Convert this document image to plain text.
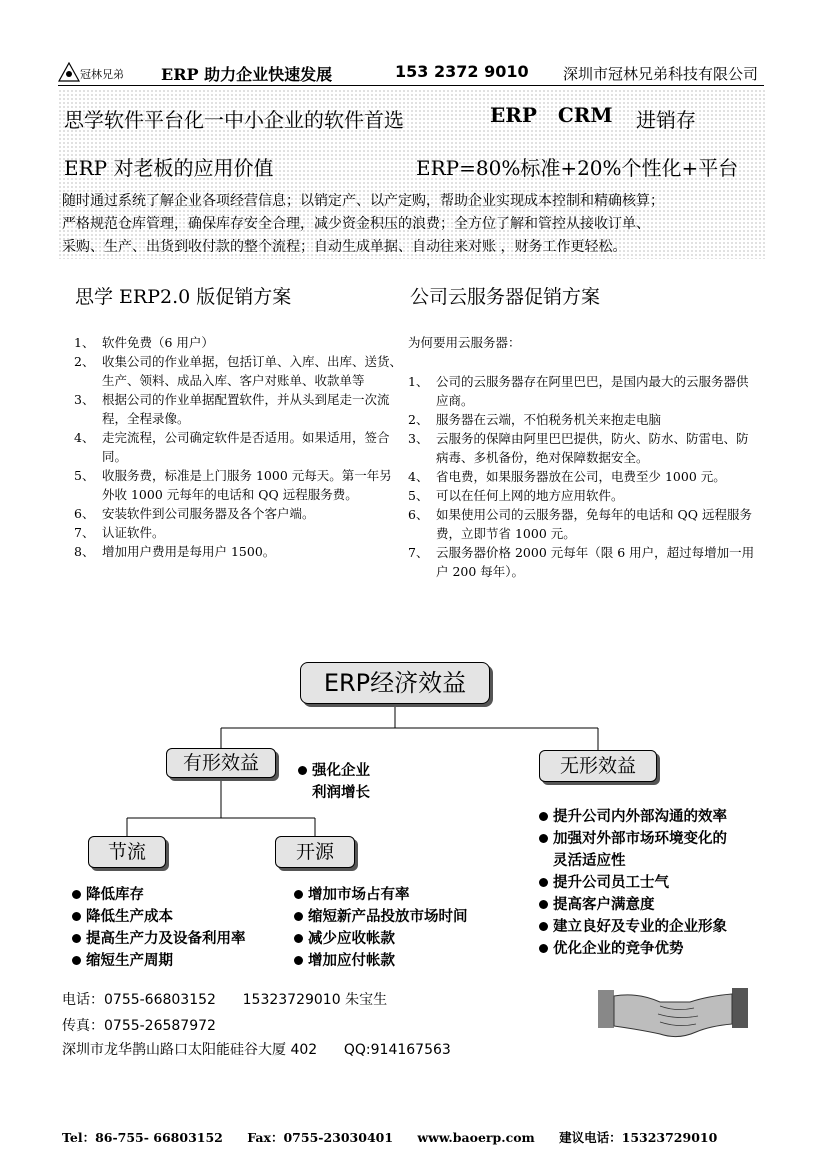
冠林兄弟 ERP 助力企业快速发展	153 2372 9010 深圳市冠林兄弟科技有限公司
思学软件平台化一中小企业的软件首选	ERP CRM 进销存
ERP 对老板的应用价值	ERP=80%标准+20%个性化+平台
随时通过系统了解企业各项经营信息；以销定产、以产定购，帮助企业实现成本控制和精确核算；
严格规范仓库管理，确保库存安全合理，减少资金积压的浪费；全方位了解和管控从接收订单、
采购、生产、出货到收付款的整个流程；自动生成单据、自动往来对账 ，财务工作更轻松。
思学 ERP2.0 版促销方案	公司云服务器促销方案
1、 软件免费（6 用户）
2、 收集公司的作业单据，包括订单、入库、出库、送货、生产、领料、成品入库、客户对账单、收款单等
3、 根据公司的作业单据配置软件，并从头到尾走一次流程，全程录像。
4、 走完流程，公司确定软件是否适用。如果适用，签合同。
5、 收服务费，标准是上门服务 1000 元每天。第一年另外收 1000 元每年的电话和 QQ 远程服务费。
6、 安装软件到公司服务器及各个客户端。
7、 认证软件。
8、 增加用户费用是每用户 1500。
为何要用云服务器：
1、 公司的云服务器存在阿里巴巴，是国内最大的云服务器供应商。
2、 服务器在云端，不怕税务机关来抱走电脑
3、 云服务的保障由阿里巴巴提供，防火、防水、防雷电、防病毒、多机备份，绝对保障数据安全。
4、 省电费，如果服务器放在公司，电费至少 1000 元。
5、 可以在任何上网的地方应用软件。
6、 如果使用公司的云服务器，免每年的电话和 QQ 远程服务费，立即节省 1000 元。
7、 云服务器价格 2000 元每年（限 6 用户，超过每增加一用户 200 每年）。
ERP经济效益
有形效益	无形效益
节流	开源
强化企业
利润增长
降低库存
降低生产成本
提高生产力及设备利用率
缩短生产周期
增加市场占有率
缩短新产品投放市场时间
减少应收帐款
增加应付帐款
提升公司内外部沟通的效率
加强对外部市场环境变化的
灵活适应性
提升公司员工士气
提高客户满意度
建立良好及专业的企业形象
优化企业的竞争优势
电话：0755-66803152      15323729010 朱宝生
传真：0755-26587972
深圳市龙华鹊山路口太阳能硅谷大厦 402      QQ:914167563
Tel：86-755- 66803152 Fax：0755-23030401 www.baoerp.com 建议电话：15323729010
